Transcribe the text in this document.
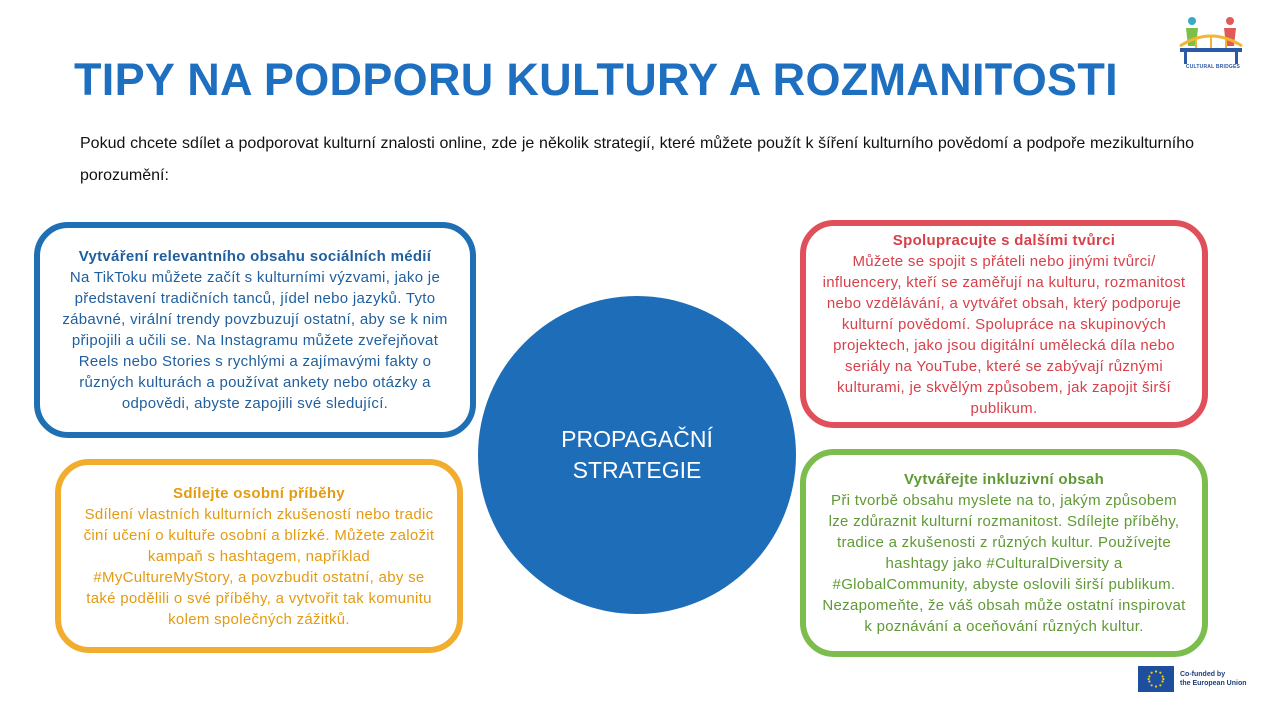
CULTURAL BRIDGES
TIPY NA PODPORU KULTURY A ROZMANITOSTI
Pokud chcete sdílet a podporovat kulturní znalosti online, zde je několik strategií, které můžete použít k šíření kulturního povědomí a podpoře mezikulturního porozumění:
Vytváření relevantního obsahu sociálních médií
Na TikToku můžete začít s kulturními výzvami, jako je představení tradičních tanců, jídel nebo jazyků. Tyto zábavné, virální trendy povzbuzují ostatní, aby se k nim připojili a učili se. Na Instagramu můžete zveřejňovat Reels nebo Stories s rychlými a zajímavými fakty o různých kulturách a používat ankety nebo otázky a odpovědi, abyste zapojili své sledující.
Spolupracujte s dalšími tvůrci
Můžete se spojit s přáteli nebo jinými tvůrci/ influencery, kteří se zaměřují na kulturu, rozmanitost nebo vzdělávání, a vytvářet obsah, který podporuje kulturní povědomí. Spolupráce na skupinových projektech, jako jsou digitální umělecká díla nebo seriály na YouTube, které se zabývají různými kulturami, je skvělým způsobem, jak zapojit širší publikum.
PROPAGAČNÍ STRATEGIE
Sdílejte osobní příběhy
Sdílení vlastních kulturních zkušeností nebo tradic činí učení o kultuře osobní a blízké. Můžete založit kampaň s hashtagem, například #MyCultureMyStory, a povzbudit ostatní, aby se také podělili o své příběhy, a vytvořit tak komunitu kolem společných zážitků.
Vytvářejte inkluzivní obsah
Při tvorbě obsahu myslete na to, jakým způsobem lze zdůraznit kulturní rozmanitost. Sdílejte příběhy, tradice a zkušenosti z různých kultur. Používejte hashtagy jako #CulturalDiversity a #GlobalCommunity, abyste oslovili širší publikum. Nezapomeňte, že váš obsah může ostatní inspirovat k poznávání a oceňování různých kultur.
Co-funded by
the European Union
